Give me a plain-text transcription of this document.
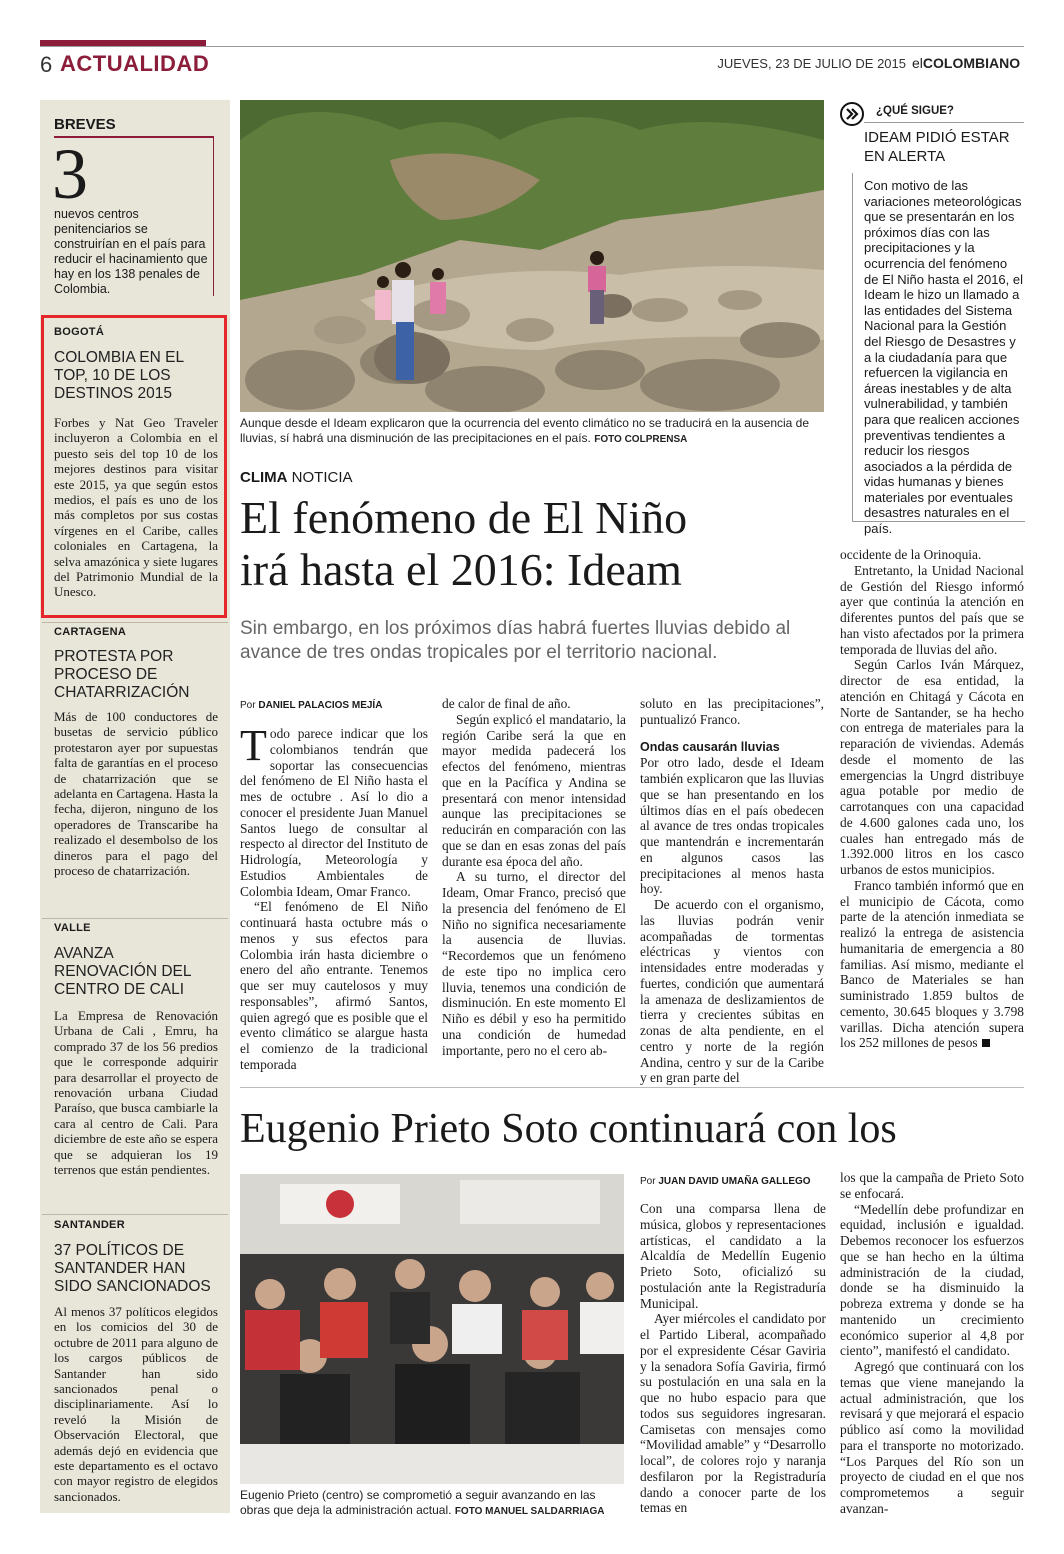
6 ACTUALIDAD	JUEVES, 23 DE JULIO DE 2015 elCOLOMBIANO
BREVES
3
nuevos centros penitenciarios se construirían en el país para reducir el hacinamiento que hay en los 138 penales de Colombia.
BOGOTÁ
COLOMBIA EN EL TOP, 10 DE LOS DESTINOS 2015
Forbes y Nat Geo Traveler incluyeron a Colombia en el puesto seis del top 10 de los mejores destinos para visitar este 2015, ya que según estos medios, el país es uno de los más completos por sus costas vírgenes en el Caribe, calles coloniales en Cartagena, la selva amazónica y siete lugares del Patrimonio Mundial de la Unesco.
CARTAGENA
PROTESTA POR PROCESO DE CHATARRIZACIÓN
Más de 100 conductores de busetas de servicio público protestaron ayer por supuestas falta de garantías en el proceso de chatarrización que se adelanta en Cartagena. Hasta la fecha, dijeron, ninguno de los operadores de Transcaribe ha realizado el desembolso de los dineros para el pago del proceso de chatarrización.
VALLE
AVANZA RENOVACIÓN DEL CENTRO DE CALI
La Empresa de Renovación Urbana de Cali , Emru, ha comprado 37 de los 56 predios que le corresponde adquirir para desarrollar el proyecto de renovación urbana Ciudad Paraíso, que busca cambiarle la cara al centro de Cali. Para diciembre de este año se espera que se adquieran los 19 terrenos que están pendientes.
SANTANDER
37 POLÍTICOS DE SANTANDER HAN SIDO SANCIONADOS
Al menos 37 políticos elegidos en los comicios del 30 de octubre de 2011 para alguno de los cargos públicos de Santander han sido sancionados penal o disciplinariamente. Así lo reveló la Misión de Observación Electoral, que además dejó en evidencia que este departamento es el octavo con mayor registro de elegidos sancionados.
Aunque desde el Ideam explicaron que la ocurrencia del evento climático no se traducirá en la ausencia de lluvias, sí habrá una disminución de las precipitaciones en el país. FOTO COLPRENSA
¿QUÉ SIGUE?
IDEAM PIDIÓ ESTAR EN ALERTA
Con motivo de las variaciones meteorológicas que se presentarán en los próximos días con las precipitaciones y la ocurrencia del fenómeno de El Niño hasta el 2016, el Ideam le hizo un llamado a las entidades del Sistema Nacional para la Gestión del Riesgo de Desastres y a la ciudadanía para que refuercen la vigilancia en áreas inestables y de alta vulnerabilidad, y también para que realicen acciones preventivas tendientes a reducir los riesgos asociados a la pérdida de vidas humanas y bienes materiales por eventuales desastres naturales en el país.
CLIMA NOTICIA
El fenómeno de El Niño
irá hasta el 2016: Ideam
Sin embargo, en los próximos días habrá fuertes lluvias debido al avance de tres ondas tropicales por el territorio nacional.
Por DANIEL PALACIOS MEJÍA

Todo parece indicar que los colombianos tendrán que soportar las consecuencias del fenómeno de El Niño hasta el mes de octubre . Así lo dio a conocer el presidente Juan Manuel Santos luego de consultar al respecto al director del Instituto de Hidrología, Meteorología y Estudios Ambientales de Colombia Ideam, Omar Franco.

“El fenómeno de El Niño continuará hasta octubre más o menos y sus efectos para Colombia irán hasta diciembre o enero del año entrante. Tenemos que ser muy cautelosos y muy responsables”, afirmó Santos, quien agregó que es posible que el evento climático se alargue hasta el comienzo de la tradicional temporada

de calor de final de año.

Según explicó el mandatario, la región Caribe será la que en mayor medida padecerá los efectos del fenómeno, mientras que en la Pacífica y Andina se presentará con menor intensidad aunque las precipitaciones se reducirán en comparación con las que se dan en esas zonas del país durante esa época del año.

A su turno, el director del Ideam, Omar Franco, precisó que la presencia del fenómeno de El Niño no significa necesariamente la ausencia de lluvias. “Recordemos que un fenómeno de este tipo no implica cero lluvia, tenemos una condición de disminución. En este momento El Niño es débil y eso ha permitido una condición de humedad importante, pero no el cero ab-

soluto en las precipitaciones”, puntualizó Franco.

Ondas causarán lluvias

Por otro lado, desde el Ideam también explicaron que las lluvias que se han presentando en los últimos días en el país obedecen al avance de tres ondas tropicales que mantendrán e incrementarán en algunos casos las precipitaciones al menos hasta hoy.

De acuerdo con el organismo, las lluvias podrán venir acompañadas de tormentas eléctricas y vientos con intensidades entre moderadas y fuertes, condición que aumentará la amenaza de deslizamientos de tierra y crecientes súbitas en zonas de alta pendiente, en el centro y norte de la región Andina, centro y sur de la Caribe y en gran parte del

occidente de la Orinoquia.

Entretanto, la Unidad Nacional de Gestión del Riesgo informó ayer que continúa la atención en diferentes puntos del país que se han visto afectados por la primera temporada de lluvias del año.

Según Carlos Iván Márquez, director de esa entidad, la atención en Chitagá y Cácota en Norte de Santander, se ha hecho con entrega de materiales para la reparación de viviendas. Además desde el momento de las emergencias la Ungrd distribuye agua potable por medio de carrotanques con una capacidad de 4.600 galones cada uno, los cuales han entregado más de 1.392.000 litros en los casco urbanos de estos municipios.

Franco también informó que en el municipio de Cácota, como parte de la atención inmediata se realizó la entrega de asistencia humanitaria de emergencia a 80 familias. Así mismo, mediante el Banco de Materiales se han suministrado 1.859 bultos de cemento, 30.645 bloques y 3.798 varillas. Dicha atención supera los 252 millones de pesos

Eugenio Prieto Soto continuará con los
Eugenio Prieto (centro) se comprometió a seguir avanzando en las obras que deja la administración actual. FOTO MANUEL SALDARRIAGA
Por JUAN DAVID UMAÑA GALLEGO

Con una comparsa llena de música, globos y representaciones artísticas, el candidato a la Alcaldía de Medellín Eugenio Prieto Soto, oficializó su postulación ante la Registraduría Municipal.

Ayer miércoles el candidato por el Partido Liberal, acompañado por el expresidente César Gaviria y la senadora Sofía Gaviria, firmó su postulación en una sala en la que no hubo espacio para que todos sus seguidores ingresaran. Camisetas con mensajes como “Movilidad amable” y “Desarrollo local”, de colores rojo y naranja desfilaron por la Registraduría dando a conocer parte de los temas en

los que la campaña de Prieto Soto se enfocará.

“Medellín debe profundizar en equidad, inclusión e igualdad. Debemos reconocer los esfuerzos que se han hecho en la última administración de la ciudad, donde se ha disminuido la pobreza extrema y donde se ha mantenido un crecimiento económico superior al 4,8 por ciento”, manifestó el candidato.

Agregó que continuará con los temas que viene manejando la actual administración, que los revisará y que mejorará el espacio público así como la movilidad para el transporte no motorizado. “Los Parques del Río son un proyecto de ciudad en el que nos comprometemos a seguir avanzan-
